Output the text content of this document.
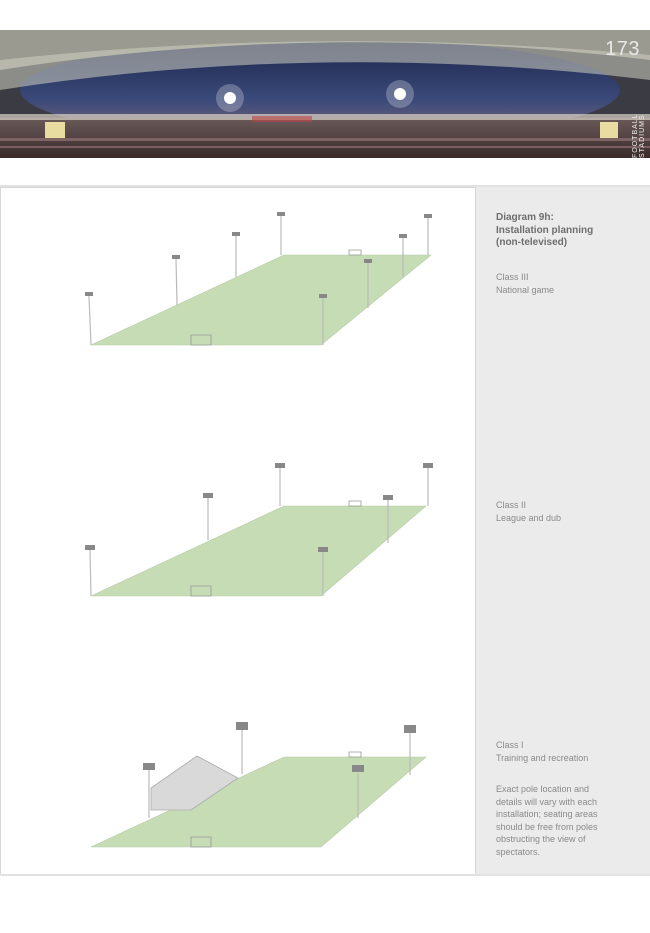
173
FOOTBALL STADIUMS
Diagram 9h:
Installation planning
(non-televised)
Class III
National game
Class II
League and dub
Class I
Training and recreation
Exact pole location and
details will vary with each
installation; seating areas
should be free from poles
obstructing the view of
spectators.
